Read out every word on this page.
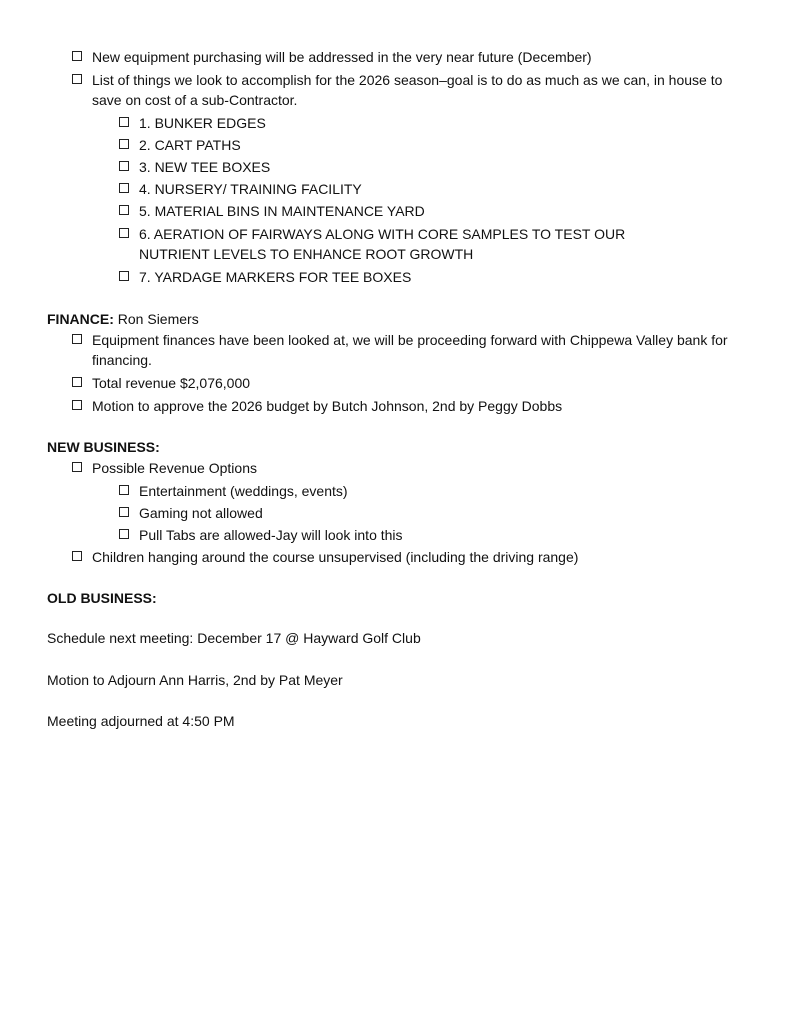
New equipment purchasing will be addressed in the very near future (December)
List of things we look to accomplish for the 2026 season–goal is to do as much as we can, in house to save on cost of a sub-Contractor.
1. BUNKER EDGES
2. CART PATHS
3. NEW TEE BOXES
4. NURSERY/ TRAINING FACILITY
5. MATERIAL BINS IN MAINTENANCE YARD
6. AERATION OF FAIRWAYS ALONG WITH CORE SAMPLES TO TEST OUR NUTRIENT LEVELS TO ENHANCE ROOT GROWTH
7. YARDAGE MARKERS FOR TEE BOXES
FINANCE: Ron Siemers
Equipment finances have been looked at, we will be proceeding forward with Chippewa Valley bank for financing.
Total revenue $2,076,000
Motion to approve the 2026 budget by Butch Johnson, 2nd by Peggy Dobbs
NEW BUSINESS:
Possible Revenue Options
Entertainment (weddings, events)
Gaming not allowed
Pull Tabs are allowed-Jay will look into this
Children hanging around the course unsupervised (including the driving range)
OLD BUSINESS:
Schedule next meeting: December 17 @ Hayward Golf Club
Motion to Adjourn Ann Harris, 2nd by Pat Meyer
Meeting adjourned at 4:50 PM
